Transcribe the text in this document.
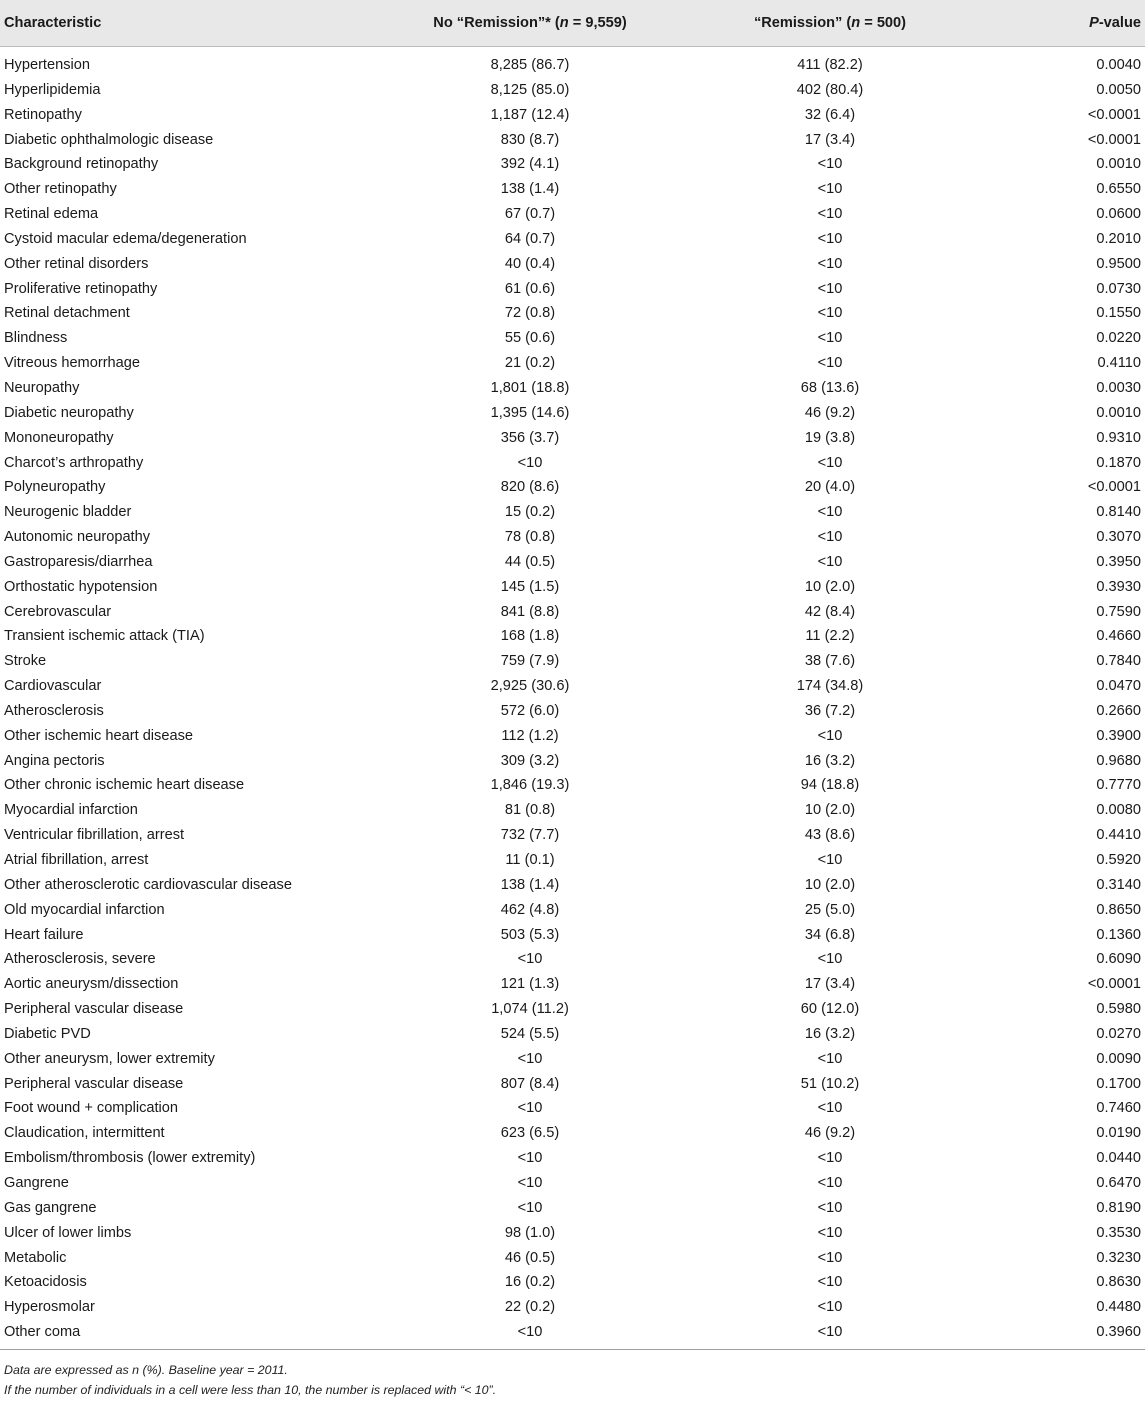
Characteristic	No “Remission”* (n = 9,559)	“Remission” (n = 500)	P-value
Hypertension	8,285 (86.7)	411 (82.2)	0.0040
Hyperlipidemia	8,125 (85.0)	402 (80.4)	0.0050
Retinopathy	1,187 (12.4)	32 (6.4)	<0.0001
Diabetic ophthalmologic disease	830 (8.7)	17 (3.4)	<0.0001
Background retinopathy	392 (4.1)	<10	0.0010
Other retinopathy	138 (1.4)	<10	0.6550
Retinal edema	67 (0.7)	<10	0.0600
Cystoid macular edema/degeneration	64 (0.7)	<10	0.2010
Other retinal disorders	40 (0.4)	<10	0.9500
Proliferative retinopathy	61 (0.6)	<10	0.0730
Retinal detachment	72 (0.8)	<10	0.1550
Blindness	55 (0.6)	<10	0.0220
Vitreous hemorrhage	21 (0.2)	<10	0.4110
Neuropathy	1,801 (18.8)	68 (13.6)	0.0030
Diabetic neuropathy	1,395 (14.6)	46 (9.2)	0.0010
Mononeuropathy	356 (3.7)	19 (3.8)	0.9310
Charcot’s arthropathy	<10	<10	0.1870
Polyneuropathy	820 (8.6)	20 (4.0)	<0.0001
Neurogenic bladder	15 (0.2)	<10	0.8140
Autonomic neuropathy	78 (0.8)	<10	0.3070
Gastroparesis/diarrhea	44 (0.5)	<10	0.3950
Orthostatic hypotension	145 (1.5)	10 (2.0)	0.3930
Cerebrovascular	841 (8.8)	42 (8.4)	0.7590
Transient ischemic attack (TIA)	168 (1.8)	11 (2.2)	0.4660
Stroke	759 (7.9)	38 (7.6)	0.7840
Cardiovascular	2,925 (30.6)	174 (34.8)	0.0470
Atherosclerosis	572 (6.0)	36 (7.2)	0.2660
Other ischemic heart disease	112 (1.2)	<10	0.3900
Angina pectoris	309 (3.2)	16 (3.2)	0.9680
Other chronic ischemic heart disease	1,846 (19.3)	94 (18.8)	0.7770
Myocardial infarction	81 (0.8)	10 (2.0)	0.0080
Ventricular fibrillation, arrest	732 (7.7)	43 (8.6)	0.4410
Atrial fibrillation, arrest	11 (0.1)	<10	0.5920
Other atherosclerotic cardiovascular disease	138 (1.4)	10 (2.0)	0.3140
Old myocardial infarction	462 (4.8)	25 (5.0)	0.8650
Heart failure	503 (5.3)	34 (6.8)	0.1360
Atherosclerosis, severe	<10	<10	0.6090
Aortic aneurysm/dissection	121 (1.3)	17 (3.4)	<0.0001
Peripheral vascular disease	1,074 (11.2)	60 (12.0)	0.5980
Diabetic PVD	524 (5.5)	16 (3.2)	0.0270
Other aneurysm, lower extremity	<10	<10	0.0090
Peripheral vascular disease	807 (8.4)	51 (10.2)	0.1700
Foot wound + complication	<10	<10	0.7460
Claudication, intermittent	623 (6.5)	46 (9.2)	0.0190
Embolism/thrombosis (lower extremity)	<10	<10	0.0440
Gangrene	<10	<10	0.6470
Gas gangrene	<10	<10	0.8190
Ulcer of lower limbs	98 (1.0)	<10	0.3530
Metabolic	46 (0.5)	<10	0.3230
Ketoacidosis	16 (0.2)	<10	0.8630
Hyperosmolar	22 (0.2)	<10	0.4480
Other coma	<10	<10	0.3960
Data are expressed as n (%). Baseline year = 2011.
If the number of individuals in a cell were less than 10, the number is replaced with “< 10”.
